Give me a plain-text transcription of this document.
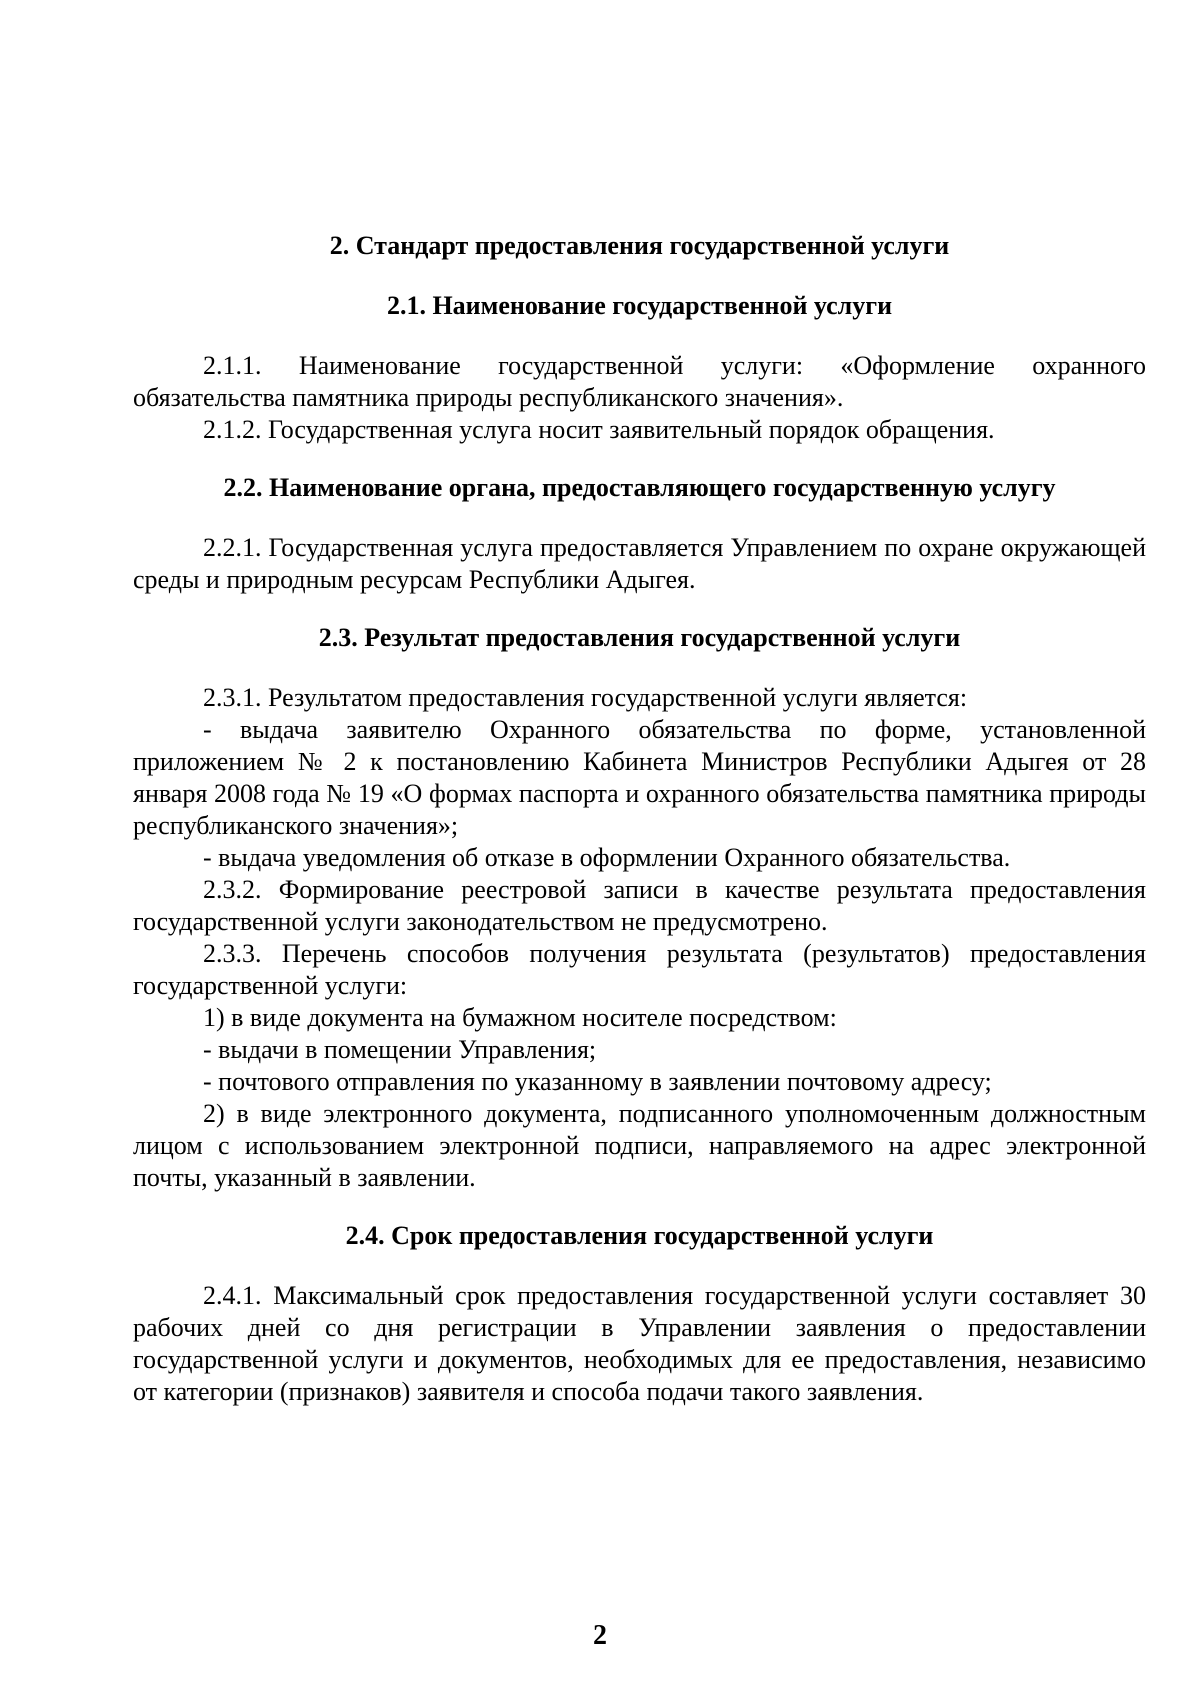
2. Стандарт предоставления государственной услуги

2.1. Наименование государственной услуги

2.1.1. Наименование государственной услуги: «Оформление охранного обязательства памятника природы республиканского значения».

2.1.2. Государственная услуга носит заявительный порядок обращения.

2.2. Наименование органа, предоставляющего государственную услугу

2.2.1. Государственная услуга предоставляется Управлением по охране окружающей среды и природным ресурсам Республики Адыгея.

2.3. Результат предоставления государственной услуги

2.3.1. Результатом предоставления государственной услуги является:

- выдача заявителю Охранного обязательства по форме, установленной приложением № 2 к постановлению Кабинета Министров Республики Адыгея от 28 января 2008 года № 19 «О формах паспорта и охранного обязательства памятника природы республиканского значения»;

- выдача уведомления об отказе в оформлении Охранного обязательства.

2.3.2. Формирование реестровой записи в качестве результата предоставления государственной услуги законодательством не предусмотрено.

2.3.3. Перечень способов получения результата (результатов) предоставления государственной услуги:

1) в виде документа на бумажном носителе посредством:

- выдачи в помещении Управления;

- почтового отправления по указанному в заявлении почтовому адресу;

2) в виде электронного документа, подписанного уполномоченным должностным лицом с использованием электронной подписи, направляемого на адрес электронной почты, указанный в заявлении.

2.4. Срок предоставления государственной услуги

2.4.1. Максимальный срок предоставления государственной услуги составляет 30 рабочих дней со дня регистрации в Управлении заявления о предоставлении государственной услуги и документов, необходимых для ее предоставления, независимо от категории (признаков) заявителя и способа подачи такого заявления.

2
